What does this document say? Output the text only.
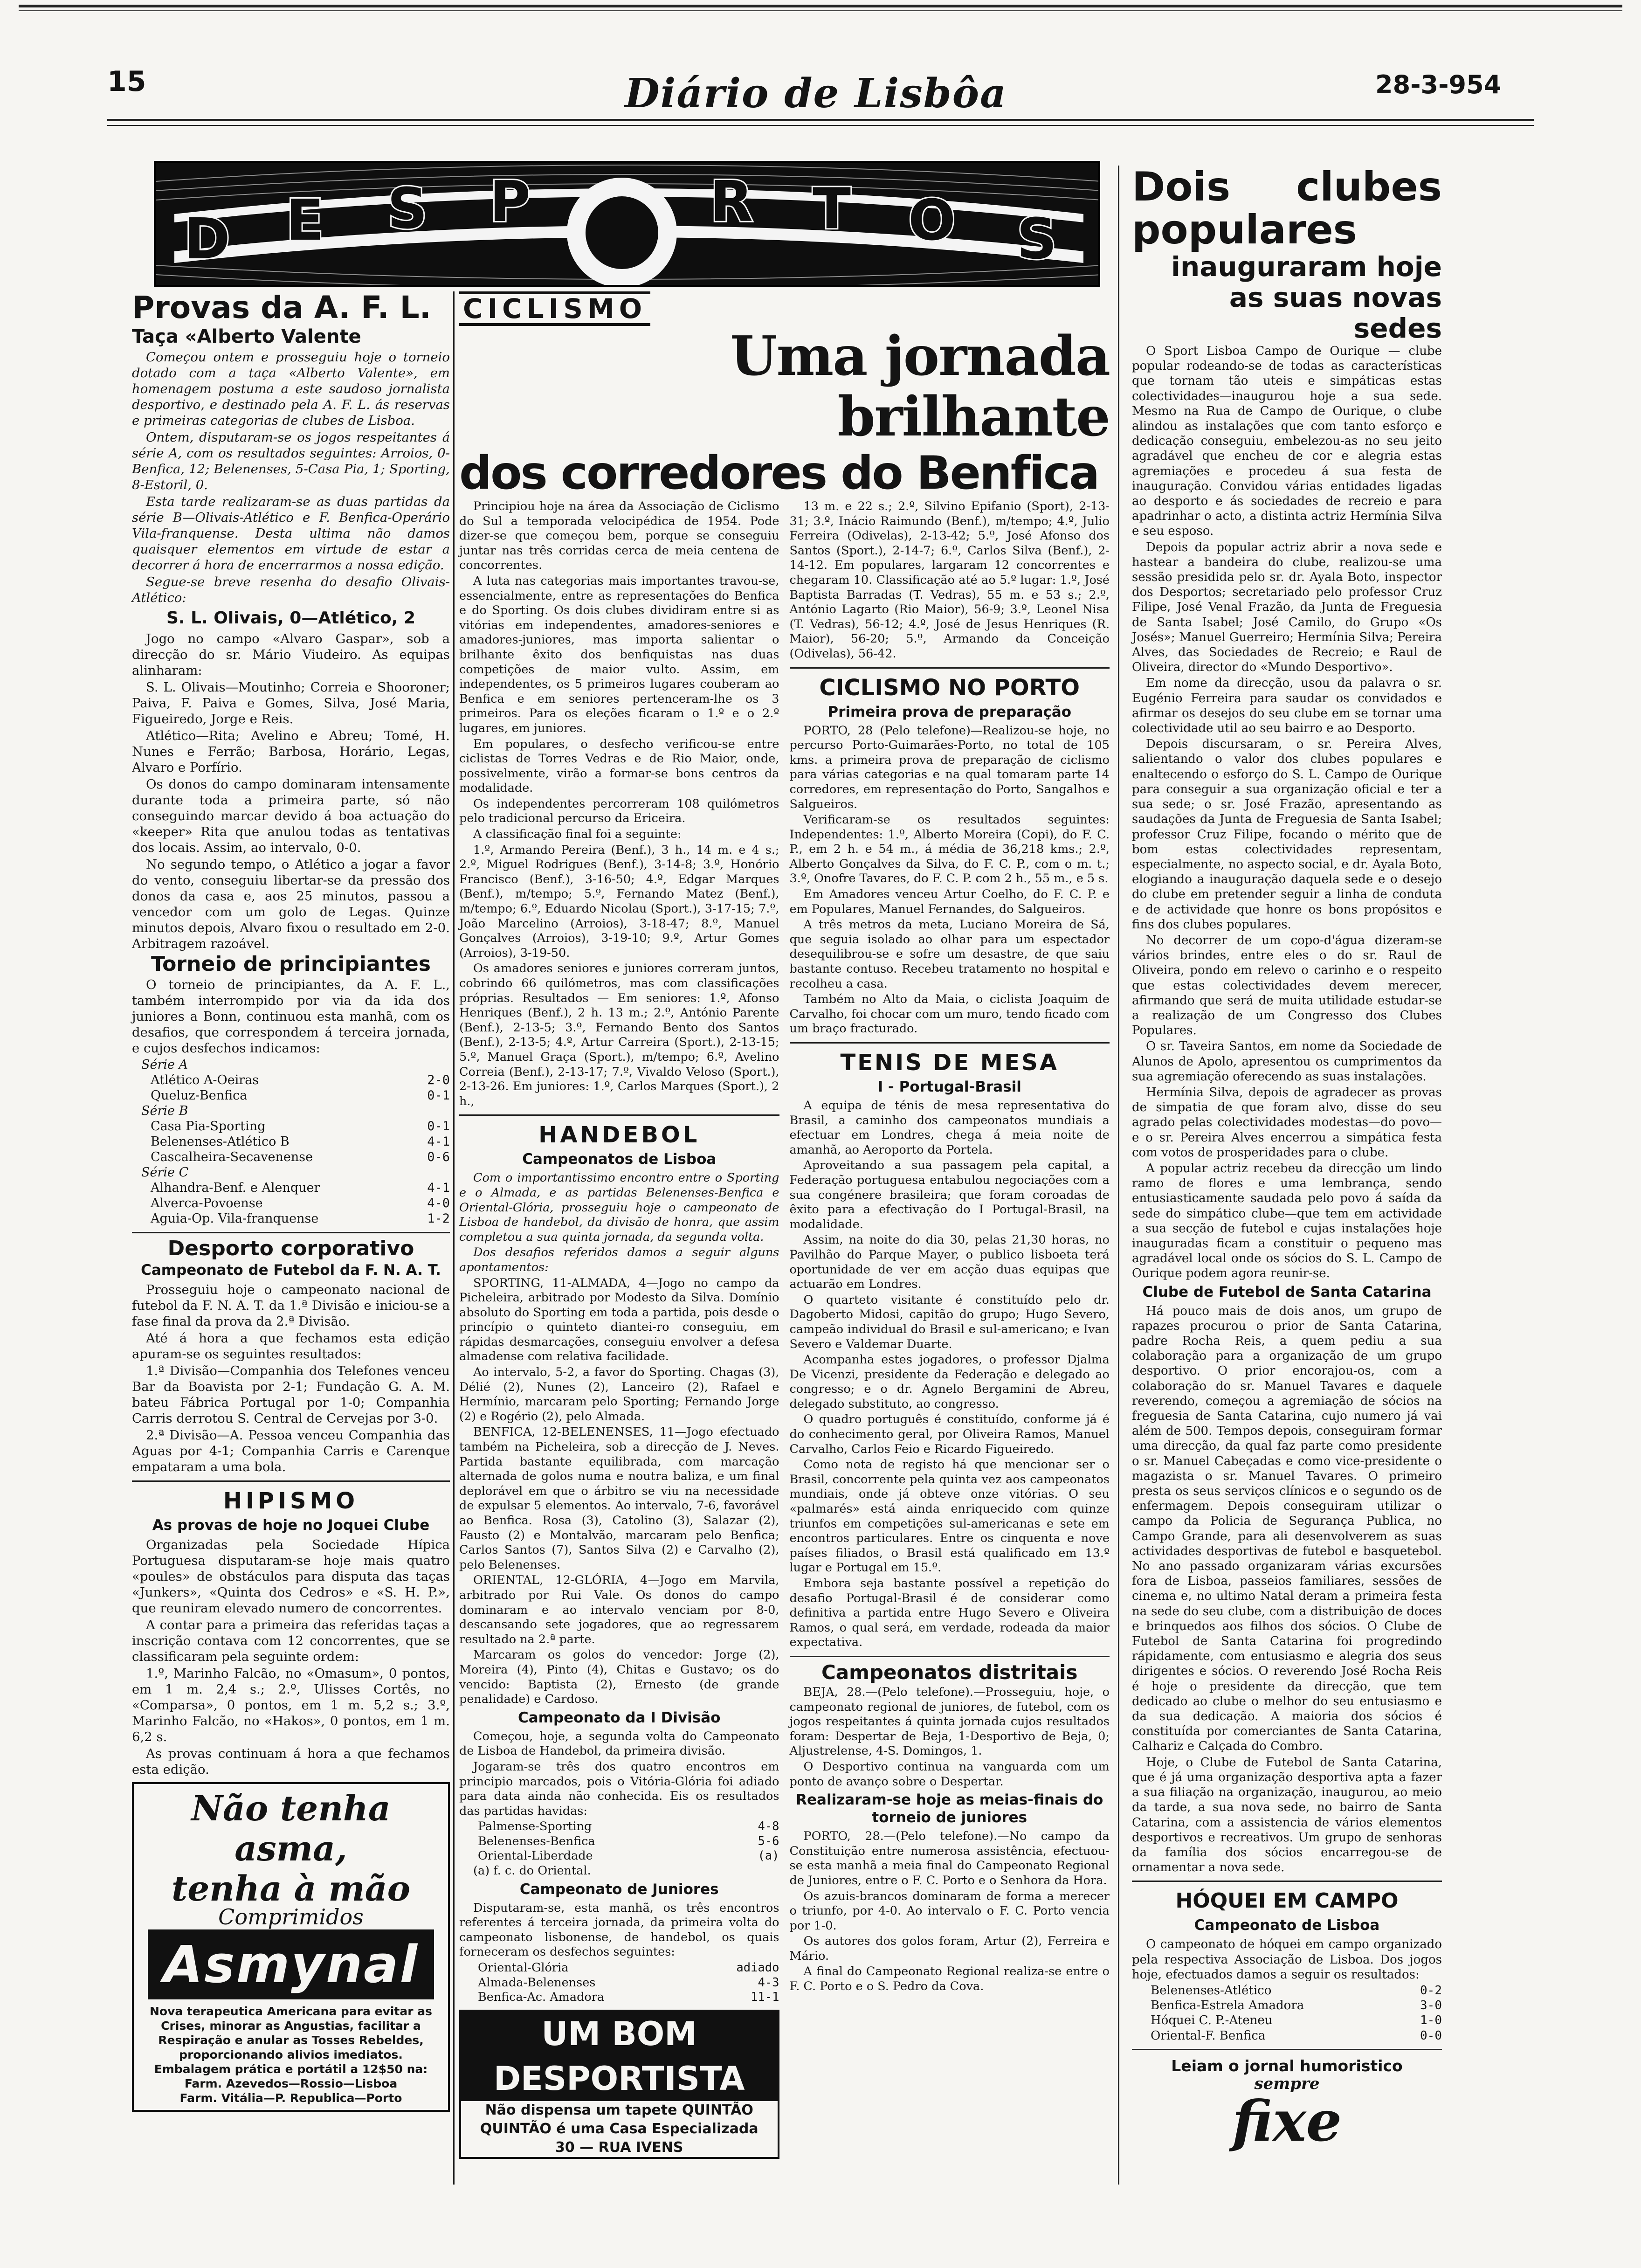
15	Diário de Lisbôa	28-3-954
D E S P	R T O S
Provas da A. F. L.
Taça «Alberto Valente

Começou ontem e prosseguiu hoje o torneio dotado com a taça «Alberto Valente», em homenagem postuma a este saudoso jornalista desportivo, e destinado pela A. F. L. ás reservas e primeiras categorias de clubes de Lisboa.

Ontem, disputaram-se os jogos respeitantes á série A, com os resultados seguintes: Arroios, 0-Benfica, 12; Belenenses, 5-Casa Pia, 1; Sporting, 8-Estoril, 0.

Esta tarde realizaram-se as duas partidas da série B—Olivais-Atlético e F. Benfica-Operário Vila-franquense. Desta ultima não damos quaisquer elementos em virtude de estar a decorrer á hora de encerrarmos a nossa edição.

Segue-se breve resenha do desafio Olivais-Atlético:

S. L. Olivais, 0—Atlético, 2

Jogo no campo «Alvaro Gaspar», sob a direcção do sr. Mário Viudeiro. As equipas alinharam:

S. L. Olivais—Moutinho; Correia e Shooroner; Paiva, F. Paiva e Gomes, Silva, José Maria, Figueiredo, Jorge e Reis.

Atlético—Rita; Avelino e Abreu; Tomé, H. Nunes e Ferrão; Barbosa, Horário, Legas, Alvaro e Porfírio.

Os donos do campo dominaram intensamente durante toda a primeira parte, só não conseguindo marcar devido á boa actuação do «keeper» Rita que anulou todas as tentativas dos locais. Assim, ao intervalo, 0-0.

No segundo tempo, o Atlético a jogar a favor do vento, conseguiu libertar-se da pressão dos donos da casa e, aos 25 minutos, passou a vencedor com um golo de Legas. Quinze minutos depois, Alvaro fixou o resultado em 2-0. Arbitragem razoável.

Torneio de principiantes

O torneio de principiantes, da A. F. L., também interrompido por via da ida dos juniores a Bonn, continuou esta manhã, com os desafios, que correspondem á terceira jornada, e cujos desfechos indicamos:

Série A
Atlético A-Oeiras	2-0
Queluz-Benfica	0-1
Série B
Casa Pia-Sporting	0-1
Belenenses-Atlético B	4-1
Cascalheira-Secavenense	0-6
Série C
Alhandra-Benf. e Alenquer	4-1
Alverca-Povoense	4-0
Aguia-Op. Vila-franquense	1-2
Desporto corporativo
Campeonato de Futebol da F. N. A. T.

Prosseguiu hoje o campeonato nacional de futebol da F. N. A. T. da 1.ª Divisão e iniciou-se a fase final da prova da 2.ª Divisão.

Até á hora a que fechamos esta edição apuram-se os seguintes resultados:

1.ª Divisão—Companhia dos Telefones venceu Bar da Boavista por 2-1; Fundação G. A. M. bateu Fábrica Portugal por 1-0; Companhia Carris derrotou S. Central de Cervejas por 3-0.

2.ª Divisão—A. Pessoa venceu Companhia das Aguas por 4-1; Companhia Carris e Carenque empataram a uma bola.

HIPISMO
As provas de hoje no Joquei Clube

Organizadas pela Sociedade Hípica Portuguesa disputaram-se hoje mais quatro «poules» de obstáculos para disputa das taças «Junkers», «Quinta dos Cedros» e «S. H. P.», que reuniram elevado numero de concorrentes.

A contar para a primeira das referidas taças a inscrição contava com 12 concorrentes, que se classificaram pela seguinte ordem:

1.º, Marinho Falcão, no «Omasum», 0 pontos, em 1 m. 2,4 s.; 2.º, Ulisses Cortês, no «Comparsa», 0 pontos, em 1 m. 5,2 s.; 3.º, Marinho Falcão, no «Hakos», 0 pontos, em 1 m. 6,2 s.

As provas continuam á hora a que fechamos esta edição.

Não tenha asma,
tenha à mão
Comprimidos
Asmynal
Nova terapeutica Americana para evitar as Crises, minorar as Angustias, facilitar a Respiração e anular as Tosses Rebeldes, proporcionando alivios imediatos.
Embalagem prática e portátil a 12$50 na: Farm. Azevedos—Rossio—Lisboa
Farm. Vitália—P. Republica—Porto
CICLISMO
Uma jornada brilhante
dos corredores do Benfica

Principiou hoje na área da Associação de Ciclismo do Sul a temporada velocipédica de 1954. Pode dizer-se que começou bem, porque se conseguiu juntar nas três corridas cerca de meia centena de concorrentes.

A luta nas categorias mais importantes travou-se, essencialmente, entre as representações do Benfica e do Sporting. Os dois clubes dividiram entre si as vitórias em independentes, amadores-seniores e amadores-juniores, mas importa salientar o brilhante êxito dos benfiquistas nas duas competições de maior vulto. Assim, em independentes, os 5 primeiros lugares couberam ao Benfica e em seniores pertenceram-lhe os 3 primeiros. Para os eleções ficaram o 1.º e o 2.º lugares, em juniores.

Em populares, o desfecho verificou-se entre ciclistas de Torres Vedras e de Rio Maior, onde, possivelmente, virão a formar-se bons centros da modalidade.

Os independentes percorreram 108 quilómetros pelo tradicional percurso da Ericeira.

A classificação final foi a seguinte:

1.º, Armando Pereira (Benf.), 3 h., 14 m. e 4 s.; 2.º, Miguel Rodrigues (Benf.), 3-14-8; 3.º, Honório Francisco (Benf.), 3-16-50; 4.º, Edgar Marques (Benf.), m/tempo; 5.º, Fernando Matez (Benf.), m/tempo; 6.º, Eduardo Nicolau (Sport.), 3-17-15; 7.º, João Marcelino (Arroios), 3-18-47; 8.º, Manuel Gonçalves (Arroios), 3-19-10; 9.º, Artur Gomes (Arroios), 3-19-50.

Os amadores seniores e juniores correram juntos, cobrindo 66 quilómetros, mas com classificações próprias. Resultados — Em seniores: 1.º, Afonso Henriques (Benf.), 2 h. 13 m.; 2.º, António Parente (Benf.), 2-13-5; 3.º, Fernando Bento dos Santos (Benf.), 2-13-5; 4.º, Artur Carreira (Sport.), 2-13-15; 5.º, Manuel Graça (Sport.), m/tempo; 6.º, Avelino Correia (Benf.), 2-13-17; 7.º, Vivaldo Veloso (Sport.), 2-13-26. Em juniores: 1.º, Carlos Marques (Sport.), 2 h.,

HANDEBOL
Campeonatos de Lisboa

Com o importantissimo encontro entre o Sporting e o Almada, e as partidas Belenenses-Benfica e Oriental-Glória, prosseguiu hoje o campeonato de Lisboa de handebol, da divisão de honra, que assim completou a sua quinta jornada, da segunda volta.

Dos desafios referidos damos a seguir alguns apontamentos:

SPORTING, 11-ALMADA, 4—Jogo no campo da Picheleira, arbitrado por Modesto da Silva. Domínio absoluto do Sporting em toda a partida, pois desde o princípio o quinteto diantei-ro conseguiu, em rápidas desmarcações, conseguiu envolver a defesa almadense com relativa facilidade.

Ao intervalo, 5-2, a favor do Sporting. Chagas (3), Délié (2), Nunes (2), Lanceiro (2), Rafael e Hermínio, marcaram pelo Sporting; Fernando Jorge (2) e Rogério (2), pelo Almada.

BENFICA, 12-BELENENSES, 11—Jogo efectuado também na Picheleira, sob a direcção de J. Neves. Partida bastante equilibrada, com marcação alternada de golos numa e noutra baliza, e um final deplorável em que o árbitro se viu na necessidade de expulsar 5 elementos. Ao intervalo, 7-6, favorável ao Benfica. Rosa (3), Catolino (3), Salazar (2), Fausto (2) e Montalvão, marcaram pelo Benfica; Carlos Santos (7), Santos Silva (2) e Carvalho (2), pelo Belenenses.

ORIENTAL, 12-GLÓRIA, 4—Jogo em Marvila, arbitrado por Rui Vale. Os donos do campo dominaram e ao intervalo venciam por 8-0, descansando sete jogadores, que ao regressarem resultado na 2.ª parte.

Marcaram os golos do vencedor: Jorge (2), Moreira (4), Pinto (4), Chitas e Gustavo; os do vencido: Baptista (2), Ernesto (de grande penalidade) e Cardoso.

Campeonato da I Divisão

Começou, hoje, a segunda volta do Campeonato de Lisboa de Handebol, da primeira divisão.

Jogaram-se três dos quatro encontros em principio marcados, pois o Vitória-Glória foi adiado para data ainda não conhecida. Eis os resultados das partidas havidas:

Palmense-Sporting	4-8
Belenenses-Benfica	5-6
Oriental-Liberdade	(a)

(a) f. c. do Oriental.

Campeonato de Juniores

Disputaram-se, esta manhã, os três encontros referentes á terceira jornada, da primeira volta do campeonato lisbonense, de handebol, os quais forneceram os desfechos seguintes:

Oriental-Glória	adiado
Almada-Belenenses	4-3
Benfica-Ac. Amadora	11-1
UM BOM DESPORTISTA
Não dispensa um tapete QUINTÃO
QUINTÃO é uma Casa Especializada
30 — RUA IVENS

13 m. e 22 s.; 2.º, Silvino Epifanio (Sport), 2-13-31; 3.º, Inácio Raimundo (Benf.), m/tempo; 4.º, Julio Ferreira (Odivelas), 2-13-42; 5.º, José Afonso dos Santos (Sport.), 2-14-7; 6.º, Carlos Silva (Benf.), 2-14-12. Em populares, largaram 12 concorrentes e chegaram 10. Classificação até ao 5.º lugar: 1.º, José Baptista Barradas (T. Vedras), 55 m. e 53 s.; 2.º, António Lagarto (Rio Maior), 56-9; 3.º, Leonel Nisa (T. Vedras), 56-12; 4.º, José de Jesus Henriques (R. Maior), 56-20; 5.º, Armando da Conceição (Odivelas), 56-42.

CICLISMO NO PORTO
Primeira prova de preparação

PORTO, 28 (Pelo telefone)—Realizou-se hoje, no percurso Porto-Guimarães-Porto, no total de 105 kms. a primeira prova de preparação de ciclismo para várias categorias e na qual tomaram parte 14 corredores, em representação do Porto, Sangalhos e Salgueiros.

Verificaram-se os resultados seguintes: Independentes: 1.º, Alberto Moreira (Copi), do F. C. P., em 2 h. e 54 m., á média de 36,218 kms.; 2.º, Alberto Gonçalves da Silva, do F. C. P., com o m. t.; 3.º, Onofre Tavares, do F. C. P. com 2 h., 55 m., e 5 s.

Em Amadores venceu Artur Coelho, do F. C. P. e em Populares, Manuel Fernandes, do Salgueiros.

A três metros da meta, Luciano Moreira de Sá, que seguia isolado ao olhar para um espectador desequilibrou-se e sofre um desastre, de que saiu bastante contuso. Recebeu tratamento no hospital e recolheu a casa.

Também no Alto da Maia, o ciclista Joaquim de Carvalho, foi chocar com um muro, tendo ficado com um braço fracturado.

TENIS DE MESA
I - Portugal-Brasil

A equipa de ténis de mesa representativa do Brasil, a caminho dos campeonatos mundiais a efectuar em Londres, chega á meia noite de amanhã, ao Aeroporto da Portela.

Aproveitando a sua passagem pela capital, a Federação portuguesa entabulou negociações com a sua congénere brasileira; que foram coroadas de êxito para a efectivação do I Portugal-Brasil, na modalidade.

Assim, na noite do dia 30, pelas 21,30 horas, no Pavilhão do Parque Mayer, o publico lisboeta terá oportunidade de ver em acção duas equipas que actuarão em Londres.

O quarteto visitante é constituído pelo dr. Dagoberto Midosi, capitão do grupo; Hugo Severo, campeão individual do Brasil e sul-americano; e Ivan Severo e Valdemar Duarte.

Acompanha estes jogadores, o professor Djalma De Vicenzi, presidente da Federação e delegado ao congresso; e o dr. Agnelo Bergamini de Abreu, delegado substituto, ao congresso.

O quadro português é constituído, conforme já é do conhecimento geral, por Oliveira Ramos, Manuel Carvalho, Carlos Feio e Ricardo Figueiredo.

Como nota de registo há que mencionar ser o Brasil, concorrente pela quinta vez aos campeonatos mundiais, onde já obteve onze vitórias. O seu «palmarés» está ainda enriquecido com quinze triunfos em competições sul-americanas e sete em encontros particulares. Entre os cinquenta e nove países filiados, o Brasil está qualificado em 13.º lugar e Portugal em 15.º.

Embora seja bastante possível a repetição do desafio Portugal-Brasil é de considerar como definitiva a partida entre Hugo Severo e Oliveira Ramos, o qual será, em verdade, rodeada da maior expectativa.

Campeonatos distritais

BEJA, 28.—(Pelo telefone).—Prosseguiu, hoje, o campeonato regional de juniores, de futebol, com os jogos respeitantes á quinta jornada cujos resultados foram: Despertar de Beja, 1-Desportivo de Beja, 0; Aljustrelense, 4-S. Domingos, 1.

O Desportivo continua na vanguarda com um ponto de avanço sobre o Despertar.

Realizaram-se hoje as meias-finais do torneio de juniores

PORTO, 28.—(Pelo telefone).—No campo da Constituição entre numerosa assistência, efectuou-se esta manhã a meia final do Campeonato Regional de Juniores, entre o F. C. Porto e o Senhora da Hora.

Os azuis-brancos dominaram de forma a merecer o triunfo, por 4-0. Ao intervalo o F. C. Porto vencia por 1-0.

Os autores dos golos foram, Artur (2), Ferreira e Mário.

A final do Campeonato Regional realiza-se entre o F. C. Porto e o S. Pedro da Cova.

Dois clubes populares
inauguraram hoje
as suas novas sedes

O Sport Lisboa Campo de Ourique — clube popular rodeando-se de todas as características que tornam tão uteis e simpáticas estas colectividades—inaugurou hoje a sua sede. Mesmo na Rua de Campo de Ourique, o clube alindou as instalações que com tanto esforço e dedicação conseguiu, embelezou-as no seu jeito agradável que encheu de cor e alegria estas agremiações e procedeu á sua festa de inauguração. Convidou várias entidades ligadas ao desporto e ás sociedades de recreio e para apadrinhar o acto, a distinta actriz Hermínia Silva e seu esposo.

Depois da popular actriz abrir a nova sede e hastear a bandeira do clube, realizou-se uma sessão presidida pelo sr. dr. Ayala Boto, inspector dos Desportos; secretariado pelo professor Cruz Filipe, José Venal Frazão, da Junta de Freguesia de Santa Isabel; José Camilo, do Grupo «Os Josés»; Manuel Guerreiro; Hermínia Silva; Pereira Alves, das Sociedades de Recreio; e Raul de Oliveira, director do «Mundo Desportivo».

Em nome da direcção, usou da palavra o sr. Eugénio Ferreira para saudar os convidados e afirmar os desejos do seu clube em se tornar uma colectividade util ao seu bairro e ao Desporto.

Depois discursaram, o sr. Pereira Alves, salientando o valor dos clubes populares e enaltecendo o esforço do S. L. Campo de Ourique para conseguir a sua organização oficial e ter a sua sede; o sr. José Frazão, apresentando as saudações da Junta de Freguesia de Santa Isabel; professor Cruz Filipe, focando o mérito que de bom estas colectividades representam, especialmente, no aspecto social, e dr. Ayala Boto, elogiando a inauguração daquela sede e o desejo do clube em pretender seguir a linha de conduta e de actividade que honre os bons propósitos e fins dos clubes populares.

No decorrer de um copo-d'água dizeram-se vários brindes, entre eles o do sr. Raul de Oliveira, pondo em relevo o carinho e o respeito que estas colectividades devem merecer, afirmando que será de muita utilidade estudar-se a realização de um Congresso dos Clubes Populares.

O sr. Taveira Santos, em nome da Sociedade de Alunos de Apolo, apresentou os cumprimentos da sua agremiação oferecendo as suas instalações.

Hermínia Silva, depois de agradecer as provas de simpatia de que foram alvo, disse do seu agrado pelas colectividades modestas—do povo—e o sr. Pereira Alves encerrou a simpática festa com votos de prosperidades para o clube.

A popular actriz recebeu da direcção um lindo ramo de flores e uma lembrança, sendo entusiasticamente saudada pelo povo á saída da sede do simpático clube—que tem em actividade a sua secção de futebol e cujas instalações hoje inauguradas ficam a constituir o pequeno mas agradável local onde os sócios do S. L. Campo de Ourique podem agora reunir-se.

Clube de Futebol de Santa Catarina

Há pouco mais de dois anos, um grupo de rapazes procurou o prior de Santa Catarina, padre Rocha Reis, a quem pediu a sua colaboração para a organização de um grupo desportivo. O prior encorajou-os, com a colaboração do sr. Manuel Tavares e daquele reverendo, começou a agremiação de sócios na freguesia de Santa Catarina, cujo numero já vai além de 500. Tempos depois, conseguiram formar uma direcção, da qual faz parte como presidente o sr. Manuel Cabeçadas e como vice-presidente o magazista o sr. Manuel Tavares. O primeiro presta os seus serviços clínicos e o segundo os de enfermagem. Depois conseguiram utilizar o campo da Policia de Segurança Publica, no Campo Grande, para ali desenvolverem as suas actividades desportivas de futebol e basquetebol. No ano passado organizaram várias excursões fora de Lisboa, passeios familiares, sessões de cinema e, no ultimo Natal deram a primeira festa na sede do seu clube, com a distribuição de doces e brinquedos aos filhos dos sócios. O Clube de Futebol de Santa Catarina foi progredindo rápidamente, com entusiasmo e alegria dos seus dirigentes e sócios. O reverendo José Rocha Reis é hoje o presidente da direcção, que tem dedicado ao clube o melhor do seu entusiasmo e da sua dedicação. A maioria dos sócios é constituída por comerciantes de Santa Catarina, Calhariz e Calçada do Combro.

Hoje, o Clube de Futebol de Santa Catarina, que é já uma organização desportiva apta a fazer a sua filiação na organização, inaugurou, ao meio da tarde, a sua nova sede, no bairro de Santa Catarina, com a assistencia de vários elementos desportivos e recreativos. Um grupo de senhoras da família dos sócios encarregou-se de ornamentar a nova sede.

HÓQUEI EM CAMPO
Campeonato de Lisboa

O campeonato de hóquei em campo organizado pela respectiva Associação de Lisboa. Dos jogos hoje, efectuados damos a seguir os resultados:

Belenenses-Atlético	0-2
Benfica-Estrela Amadora	3-0
Hóquei C. P.-Ateneu	1-0
Oriental-F. Benfica	0-0
Leiam o jornal humoristico
sempre
fixe
